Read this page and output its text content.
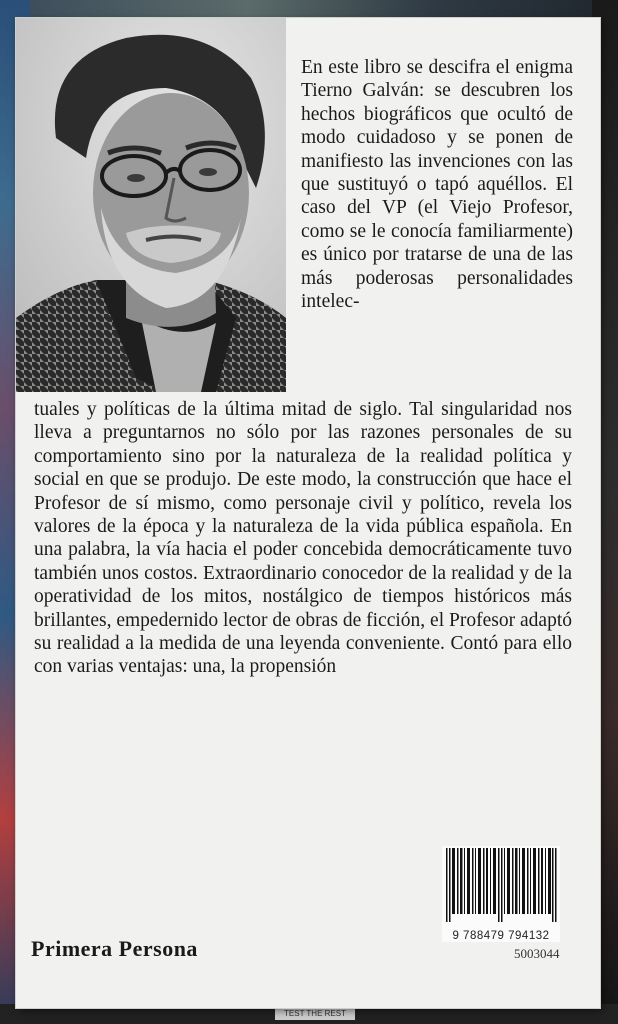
TEST THE REST
En este libro se descifra el enigma Tierno Galván: se descubren los hechos biográficos que ocultó de modo cuidadoso y se ponen de manifiesto las invenciones con las que sustituyó o tapó aquéllos. El caso del VP (el Viejo Profesor, como se le conocía familiarmente) es único por tratarse de una de las más poderosas personalidades intelec-
tuales y políticas de la última mitad de siglo. Tal singularidad nos lleva a preguntarnos no sólo por las razones personales de su comportamiento sino por la naturaleza de la realidad política y social en que se produjo. De este modo, la construcción que hace el Profesor de sí mismo, como personaje civil y político, revela los valores de la época y la naturaleza de la vida pública española. En una palabra, la vía hacia el poder concebida democráticamente tuvo también unos costos. Extraordinario conocedor de la realidad y de la operatividad de los mitos, nostálgico de tiempos históricos más brillantes, empedernido lector de obras de ficción, el Profesor adaptó su realidad a la medida de una leyenda conveniente. Contó para ello con varias ventajas: una, la propensión
9 788479 794132
Primera Persona	5003044
